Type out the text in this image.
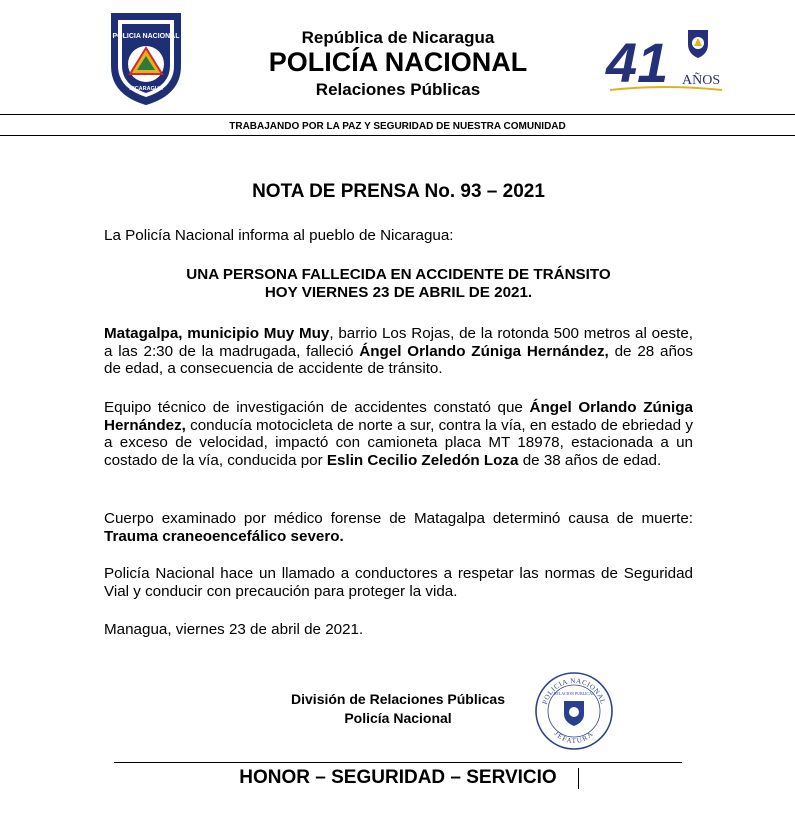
POLICIA NACIONAL
NICARAGUA
República de Nicaragua
POLICÍA NACIONAL
Relaciones Públicas	41 AÑOS
TRABAJANDO POR LA PAZ Y SEGURIDAD DE NUESTRA COMUNIDAD
NOTA DE PRENSA No. 93 – 2021
La Policía Nacional informa al pueblo de Nicaragua:
UNA PERSONA FALLECIDA EN ACCIDENTE DE TRÁNSITO
HOY VIERNES 23 DE ABRIL DE 2021.
Matagalpa, municipio Muy Muy, barrio Los Rojas, de la rotonda 500 metros al oeste, a las 2:30 de la madrugada, falleció Ángel Orlando Zúniga Hernández, de 28 años de edad, a consecuencia de accidente de tránsito.
Equipo técnico de investigación de accidentes constató que Ángel Orlando Zúniga Hernández, conducía motocicleta de norte a sur, contra la vía, en estado de ebriedad y a exceso de velocidad, impactó con camioneta placa MT 18978, estacionada a un costado de la vía, conducida por Eslin Cecilio Zeledón Loza de 38 años de edad.
Cuerpo examinado por médico forense de Matagalpa determinó causa de muerte: Trauma craneoencefálico severo.
Policía Nacional hace un llamado a conductores a respetar las normas de Seguridad Vial y conducir con precaución para proteger la vida.
Managua, viernes 23 de abril de 2021.
División de Relaciones Públicas
Policía Nacional
POLICIA NACIONAL
RELACION PUBLICAS
JEFATURA
HONOR – SEGURIDAD – SERVICIO
